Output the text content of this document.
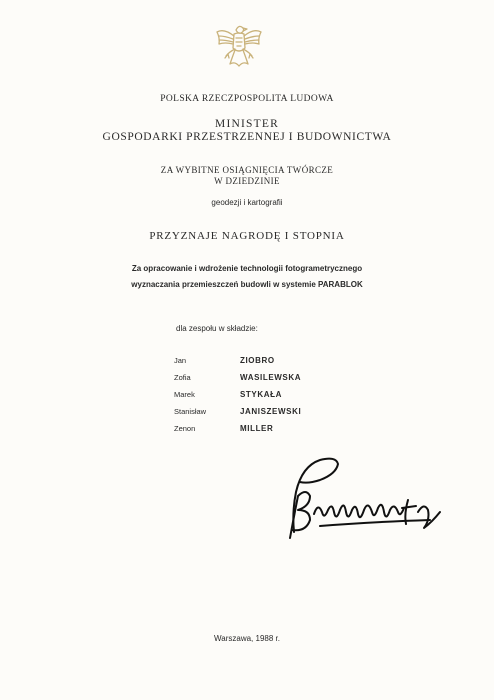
POLSKA RZECZPOSPOLITA LUDOWA
MINISTER
GOSPODARKI PRZESTRZENNEJ I BUDOWNICTWA
ZA WYBITNE OSIĄGNIĘCIA TWÓRCZE
W DZIEDZINIE
geodezji i kartografii
PRZYZNAJE NAGRODĘ I STOPNIA
Za opracowanie i wdrożenie technologii fotogrametrycznego
wyznaczania przemieszczeń budowli w systemie PARABLOK
dla zespołu w składzie:
Jan	ZIOBRO
Zofia	WASILEWSKA
Marek	STYKAŁA
Stanisław	JANISZEWSKI
Zenon	MILLER
Warszawa, 1988 r.
